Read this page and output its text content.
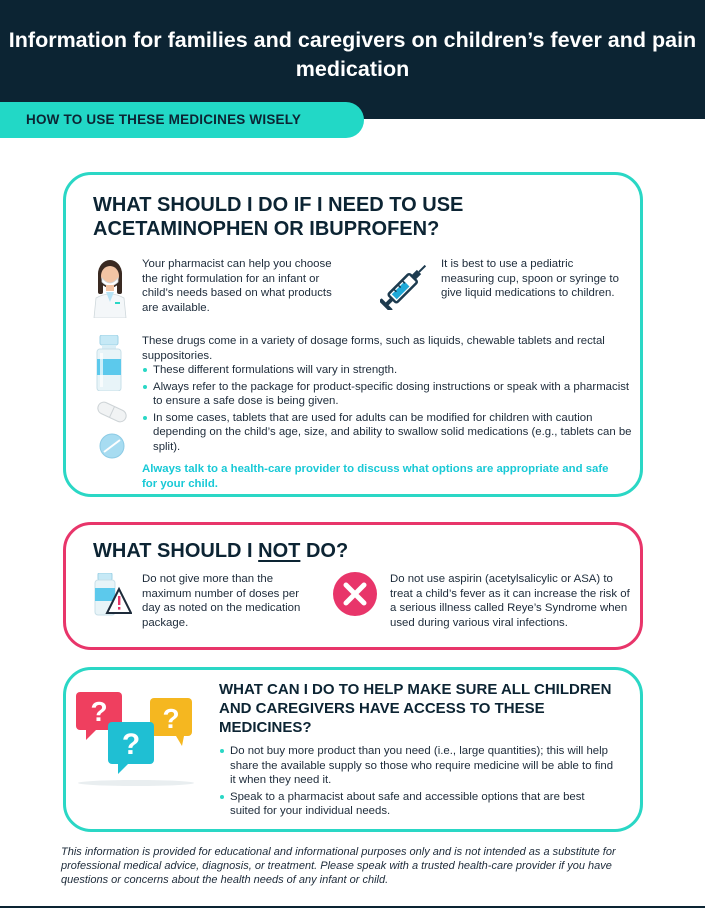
Information for families and caregivers on children’s fever and pain medication
HOW TO USE THESE MEDICINES WISELY
WHAT SHOULD I DO IF I NEED TO USE ACETAMINOPHEN OR IBUPROFEN?
Your pharmacist can help you choose the right formulation for an infant or child’s needs based on what products are available.
It is best to use a pediatric measuring cup, spoon or syringe to give liquid medications to children.
These drugs come in a variety of dosage forms, such as liquids, chewable tablets and rectal suppositories.
These different formulations will vary in strength.
Always refer to the package for product-specific dosing instructions or speak with a pharmacist to ensure a safe dose is being given.
In some cases, tablets that are used for adults can be modified for children with caution depending on the child’s age, size, and ability to swallow solid medications (e.g., tablets can be split).
Always talk to a health-care provider to discuss what options are appropriate and safe for your child.
WHAT SHOULD I NOT DO?
Do not give more than the maximum number of doses per day as noted on the medication package.
Do not use aspirin (acetylsalicylic or ASA) to treat a child’s fever as it can increase the risk of a serious illness called Reye’s Syndrome when used during various viral infections.
? ?
?
WHAT CAN I DO TO HELP MAKE SURE ALL CHILDREN AND CAREGIVERS HAVE ACCESS TO THESE MEDICINES?
Do not buy more product than you need (i.e., large quantities); this will help share the available supply so those who require medicine will be able to find it when they need it.
Speak to a pharmacist about safe and accessible options that are best suited for your individual needs.
This information is provided for educational and informational purposes only and is not intended as a substitute for professional medical advice, diagnosis, or treatment. Please speak with a trusted health-care provider if you have questions or concerns about the health needs of any infant or child.
